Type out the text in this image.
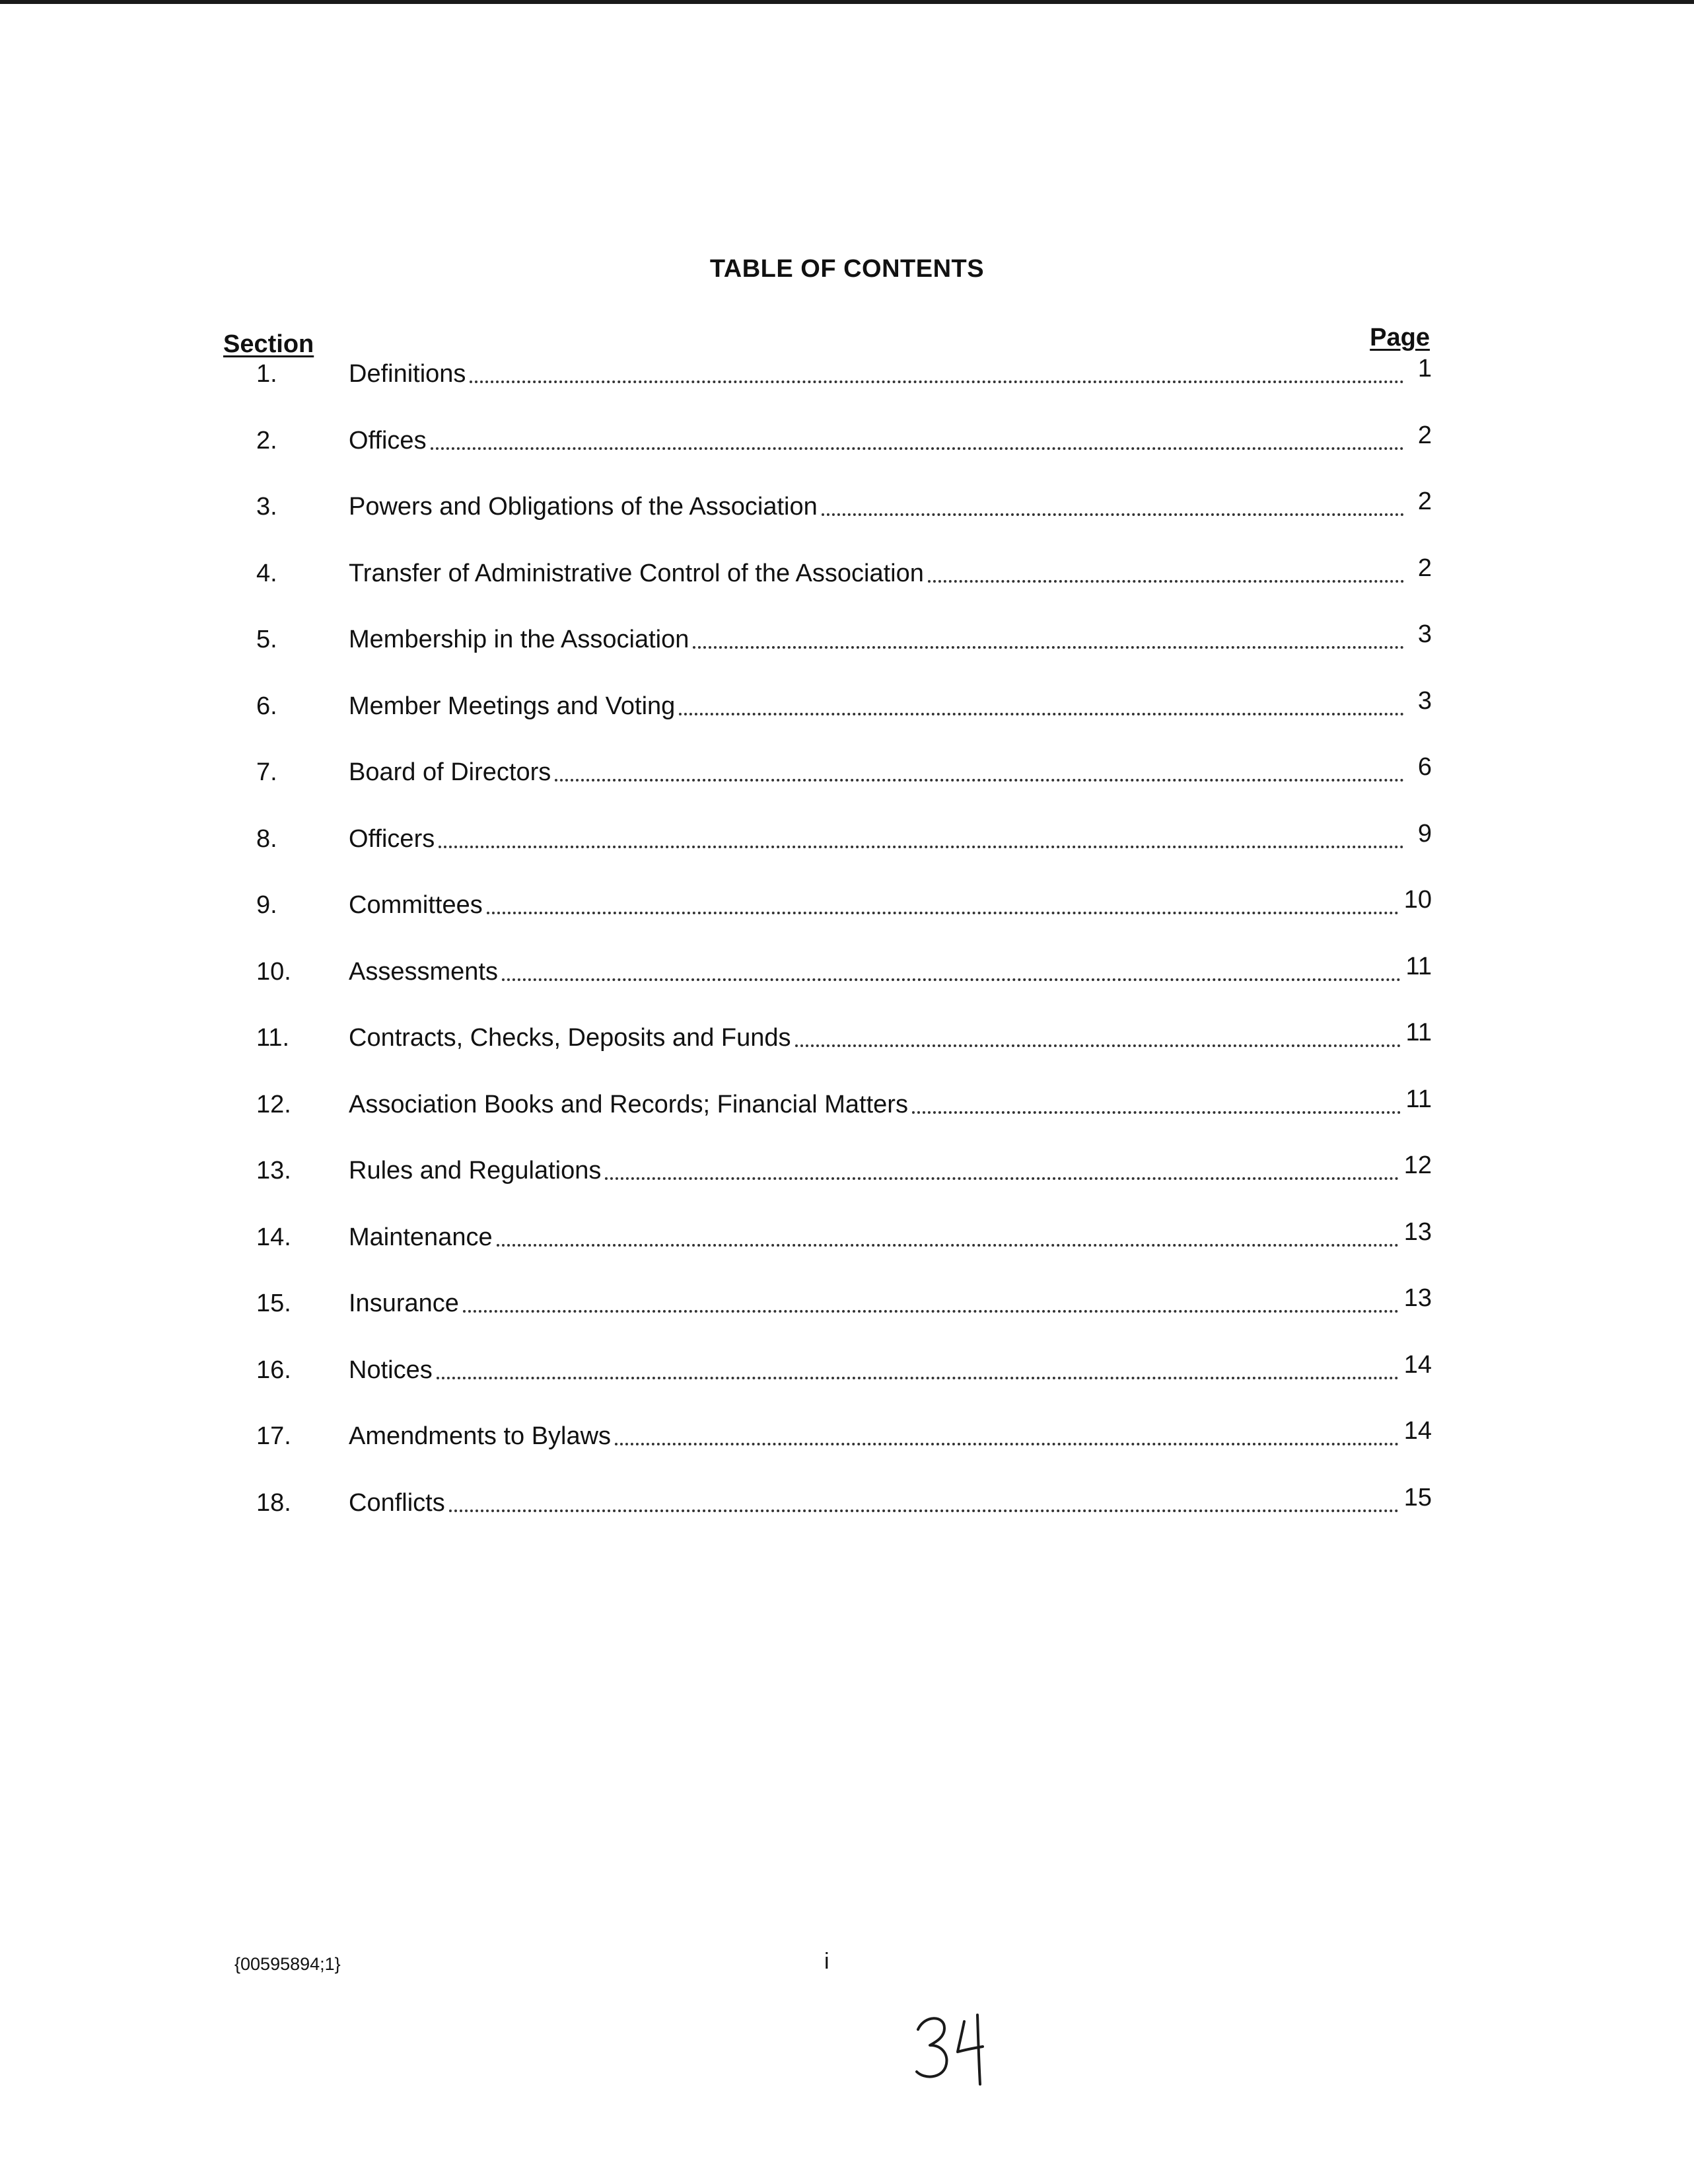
TABLE OF CONTENTS
Section	Page
1.	Definitions	1
2.	Offices	2
3.	Powers and Obligations of the Association	2
4.	Transfer of Administrative Control of the Association	2
5.	Membership in the Association	3
6.	Member Meetings and Voting	3
7.	Board of Directors	6
8.	Officers	9
9.	Committees	10
10.	Assessments	11
11.	Contracts, Checks, Deposits and Funds	11
12.	Association Books and Records; Financial Matters	11
13.	Rules and Regulations	12
14.	Maintenance	13
15.	Insurance	13
16.	Notices	14
17.	Amendments to Bylaws	14
18.	Conflicts	15
{00595894;1}	i
